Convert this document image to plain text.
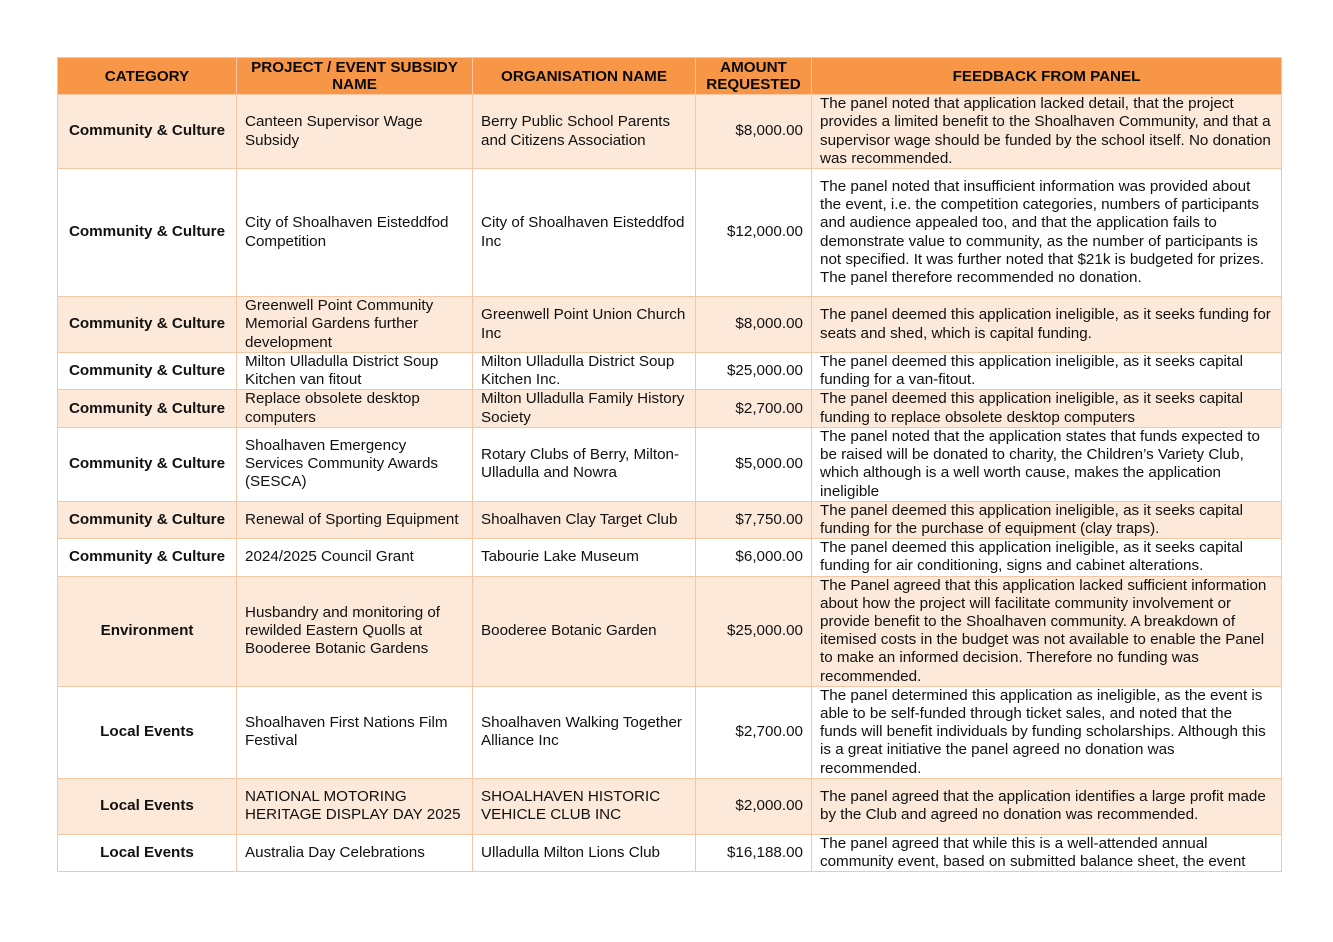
CATEGORY	PROJECT / EVENT SUBSIDY NAME	ORGANISATION NAME	AMOUNT REQUESTED	FEEDBACK FROM PANEL
Community & Culture	Canteen Supervisor Wage Subsidy	Berry Public School Parents and Citizens Association	$8,000.00	The panel noted that application lacked detail, that the project provides a limited benefit to the Shoalhaven Community, and that a supervisor wage should be funded by the school itself. No donation was recommended.
Community & Culture	City of Shoalhaven Eisteddfod Competition	City of Shoalhaven Eisteddfod Inc	$12,000.00	The panel noted that insufficient information was provided about the event, i.e. the competition categories, numbers of participants and audience appealed too, and that the application fails to demonstrate value to community, as the number of participants is not specified. It was further noted that $21k is budgeted for prizes. The panel therefore recommended no donation.
Community & Culture	Greenwell Point Community Memorial Gardens further development	Greenwell Point Union Church Inc	$8,000.00	The panel deemed this application ineligible, as it seeks funding for seats and shed, which is capital funding.
Community & Culture	Milton Ulladulla District Soup Kitchen van fitout	Milton Ulladulla District Soup Kitchen Inc.	$25,000.00	The panel deemed this application ineligible, as it seeks capital funding for a van-fitout.
Community & Culture	Replace obsolete desktop computers	Milton Ulladulla Family History Society	$2,700.00	The panel deemed this application ineligible, as it seeks capital funding to replace obsolete desktop computers
Community & Culture	Shoalhaven Emergency Services Community Awards (SESCA)	Rotary Clubs of Berry, Milton-Ulladulla and Nowra	$5,000.00	The panel noted that the application states that funds expected to be raised will be donated to charity, the Children’s Variety Club, which although is a well worth cause, makes the application ineligible
Community & Culture	Renewal of Sporting Equipment	Shoalhaven Clay Target Club	$7,750.00	The panel deemed this application ineligible, as it seeks capital funding for the purchase of equipment (clay traps).
Community & Culture	2024/2025 Council Grant	Tabourie Lake Museum	$6,000.00	The panel deemed this application ineligible, as it seeks capital funding for air conditioning, signs and cabinet alterations.
Environment	Husbandry and monitoring of rewilded Eastern Quolls at Booderee Botanic Gardens	Booderee Botanic Garden	$25,000.00	The Panel agreed that this application lacked sufficient information about how the project will facilitate community involvement or provide benefit to the Shoalhaven community. A breakdown of itemised costs in the budget was not available to enable the Panel to make an informed decision. Therefore no funding was recommended.
Local Events	Shoalhaven First Nations Film Festival	Shoalhaven Walking Together Alliance Inc	$2,700.00	The panel determined this application as ineligible, as the event is able to be self-funded through ticket sales, and noted that the funds will benefit individuals by funding scholarships. Although this is a great initiative the panel agreed no donation was recommended.
Local Events	NATIONAL MOTORING HERITAGE DISPLAY DAY 2025	SHOALHAVEN HISTORIC VEHICLE CLUB INC	$2,000.00	The panel agreed that the application identifies a large profit made by the Club and agreed no donation was recommended.
Local Events	Australia Day Celebrations	Ulladulla Milton Lions Club	$16,188.00	The panel agreed that while this is a well-attended annual community event, based on submitted balance sheet, the event
